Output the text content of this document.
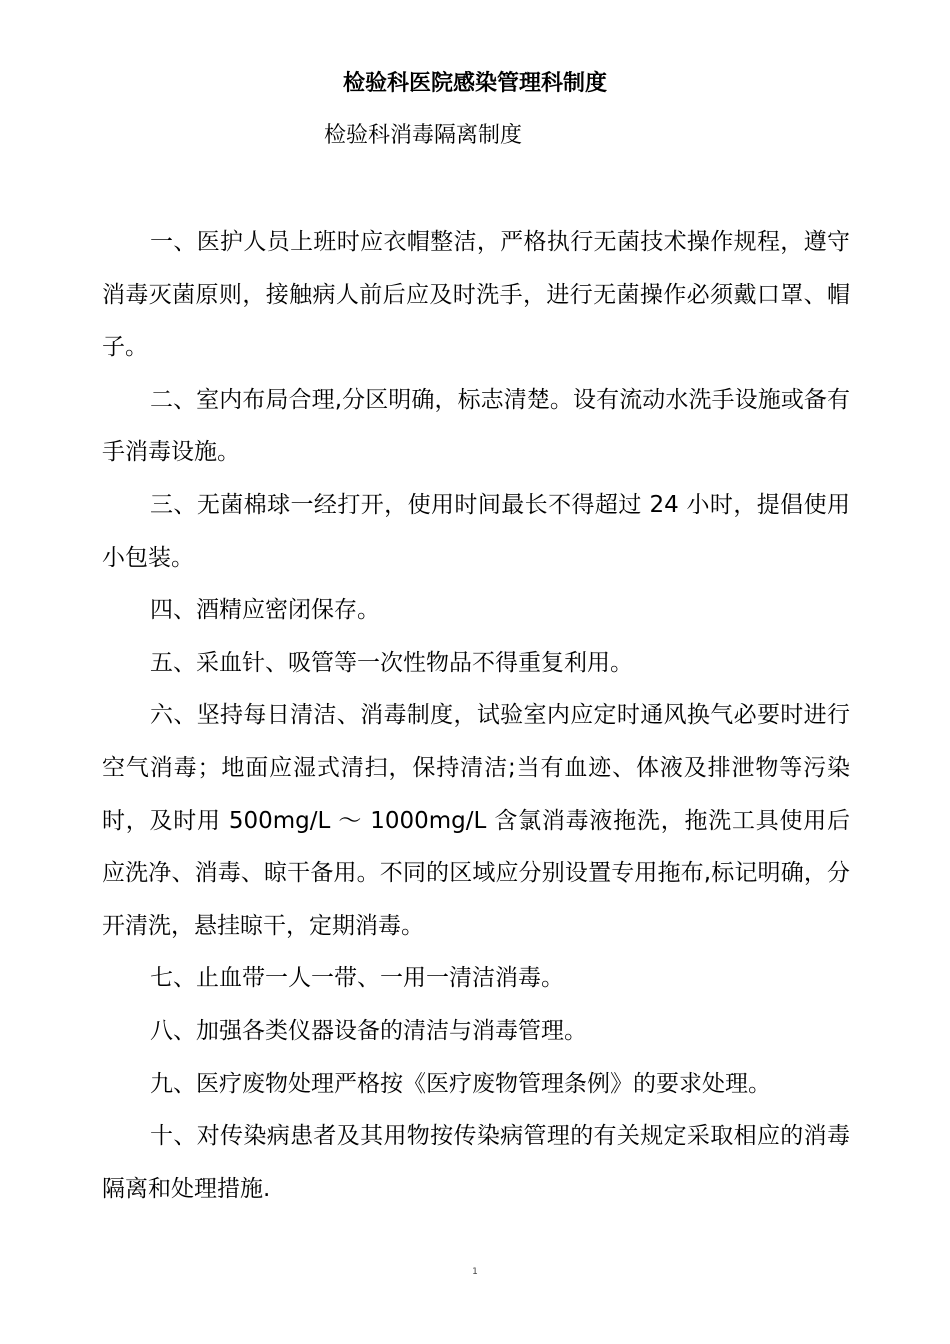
检验科医院感染管理科制度
检验科消毒隔离制度

一、医护人员上班时应衣帽整洁，严格执行无菌技术操作规程，遵守消毒灭菌原则，接触病人前后应及时洗手，进行无菌操作必须戴口罩、帽子。

二、室内布局合理,分区明确，标志清楚。设有流动水洗手设施或备有手消毒设施。

三、无菌棉球一经打开，使用时间最长不得超过 24 小时，提倡使用小包装。

四、酒精应密闭保存。

五、采血针、吸管等一次性物品不得重复利用。

六、坚持每日清洁、消毒制度，试验室内应定时通风换气必要时进行空气消毒；地面应湿式清扫，保持清洁;当有血迹、体液及排泄物等污染时，及时用 500mg/L ～ 1000mg/L 含氯消毒液拖洗，拖洗工具使用后应洗净、消毒、晾干备用。不同的区域应分别设置专用拖布,标记明确，分开清洗，悬挂晾干，定期消毒。

七、止血带一人一带、一用一清洁消毒。

八、加强各类仪器设备的清洁与消毒管理。

九、医疗废物处理严格按《医疗废物管理条例》的要求处理。

十、对传染病患者及其用物按传染病管理的有关规定采取相应的消毒隔离和处理措施.

1
